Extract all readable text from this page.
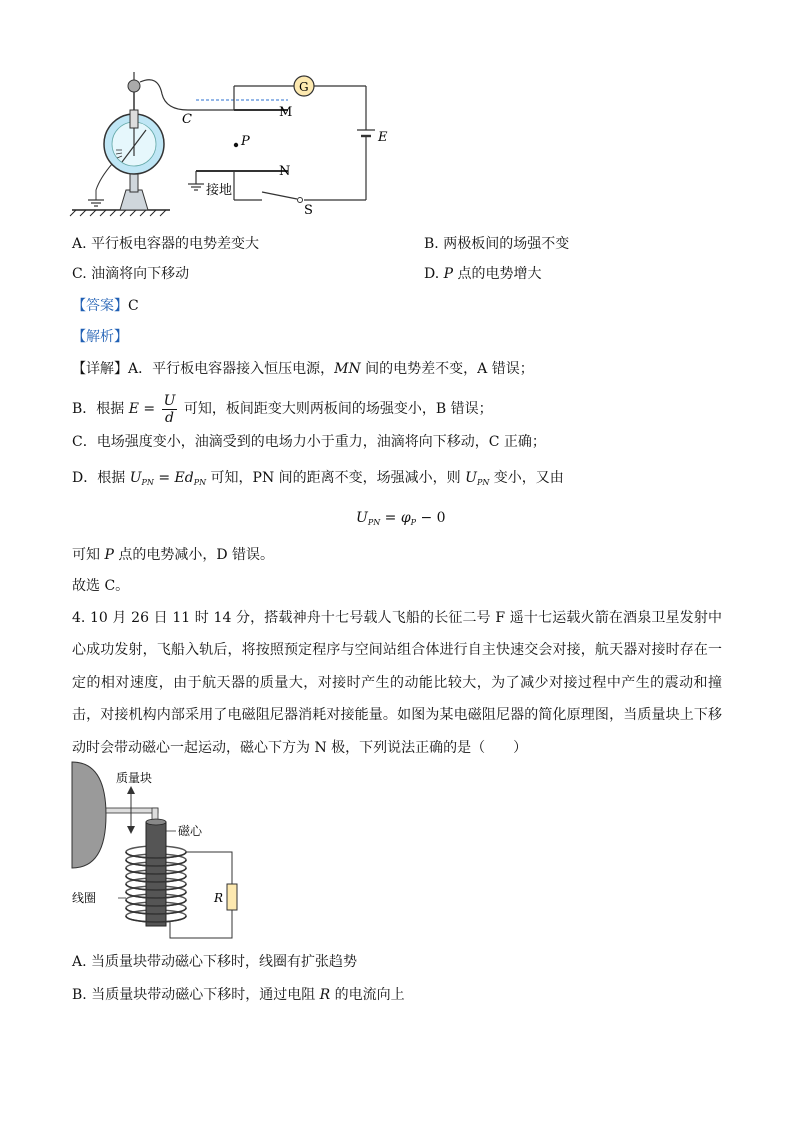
C	M
P
N
E
S
G
接地
A. 平行板电容器的电势差变大	B. 两极板间的场强不变
C. 油滴将向下移动	D. P 点的电势增大
【答案】C
【解析】
【详解】A．平行板电容器接入恒压电源，MN 间的电势差不变，A 错误；
B．根据 $E = \frac{U}{d}$ 可知，板间距变大则两板间的场强变小，B 错误；
C．电场强度变小，油滴受到的电场力小于重力，油滴将向下移动，C 正确；
D．根据 $U_{PN} = Ed_{PN}$ 可知，PN 间的距离不变，场强减小，则 $U_{PN}$ 变小，又由
$U_{PN} = \varphi_P - 0$
可知 P 点的电势减小，D 错误。
故选 C。
4. 10 月 26 日 11 时 14 分，搭载神舟十七号载人飞船的长征二号 F 遥十七运载火箭在酒泉卫星发射中心成功发射，飞船入轨后，将按照预定程序与空间站组合体进行自主快速交会对接，航天器对接时存在一定的相对速度，由于航天器的质量大，对接时产生的动能比较大，为了减少对接过程中产生的震动和撞击，对接机构内部采用了电磁阻尼器消耗对接能量。如图为某电磁阻尼器的简化原理图，当质量块上下移动时会带动磁心一起运动，磁心下方为 N 极，下列说法正确的是（　　）
质量块
磁心
线圈	R
A. 当质量块带动磁心下移时，线圈有扩张趋势
B. 当质量块带动磁心下移时，通过电阻 R 的电流向上
